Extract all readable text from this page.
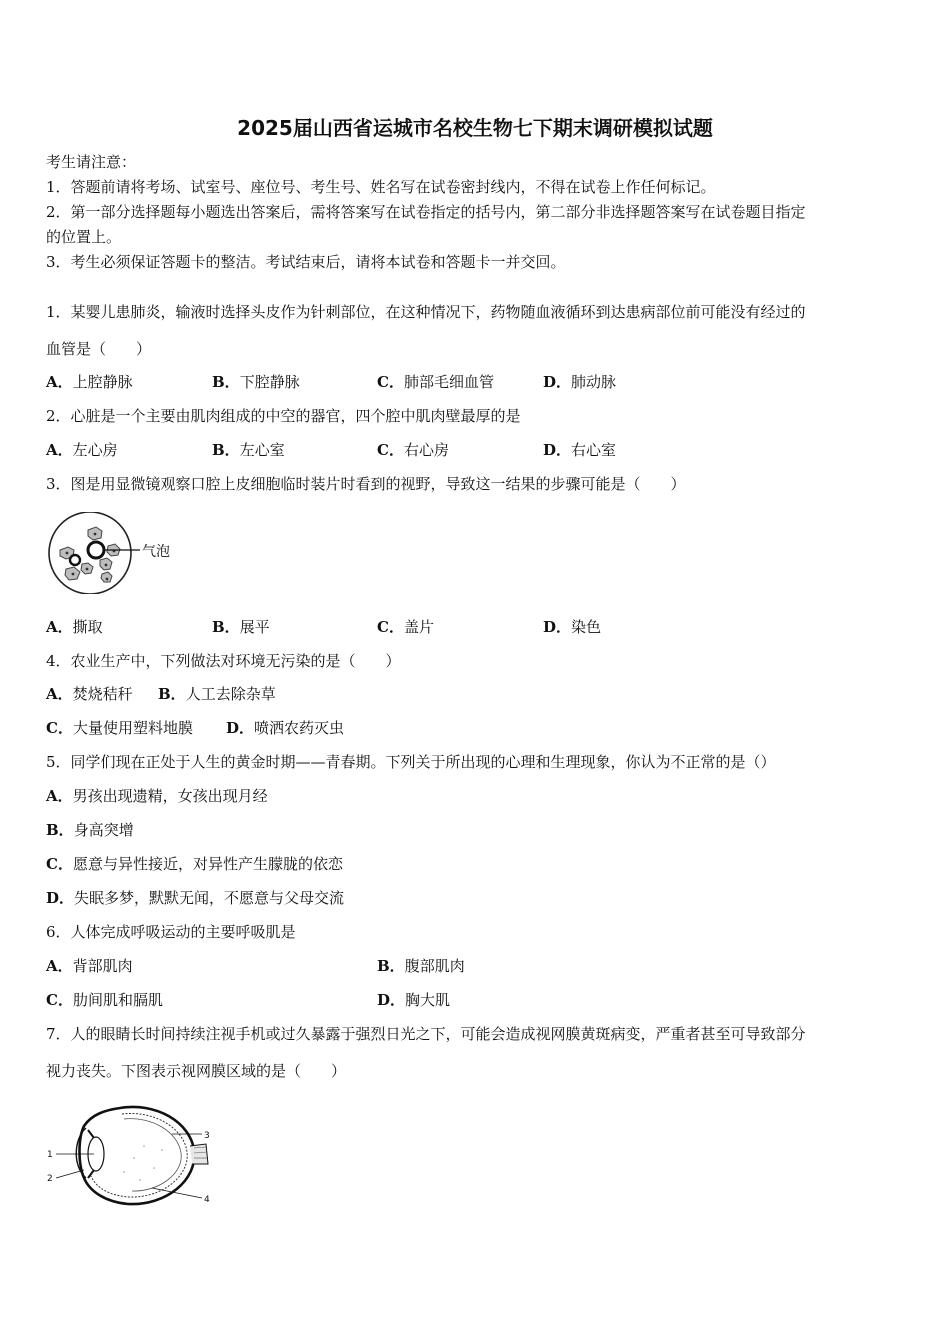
2025届山西省运城市名校生物七下期末调研模拟试题
考生请注意：
1．答题前请将考场、试室号、座位号、考生号、姓名写在试卷密封线内，不得在试卷上作任何标记。
2．第一部分选择题每小题选出答案后，需将答案写在试卷指定的括号内，第二部分非选择题答案写在试卷题目指定
的位置上。
3．考生必须保证答题卡的整洁。考试结束后，请将本试卷和答题卡一并交回。
1．某婴儿患肺炎，输液时选择头皮作为针刺部位，在这种情况下，药物随血液循环到达患病部位前可能没有经过的
血管是（　　）
A．上腔静脉	B．下腔静脉	C．肺部毛细血管	D．肺动脉
2．心脏是一个主要由肌肉组成的中空的器官，四个腔中肌肉壁最厚的是
A．左心房	B．左心室	C．右心房	D．右心室
3．图是用显微镜观察口腔上皮细胞临时装片时看到的视野，导致这一结果的步骤可能是（　　）
气泡
A．撕取	B．展平	C．盖片	D．染色
4．农业生产中，下列做法对环境无污染的是（　　）
A．焚烧秸秆 B．人工去除杂草
C．大量使用塑料地膜 D．喷洒农药灭虫
5．同学们现在正处于人生的黄金时期——青春期。下列关于所出现的心理和生理现象，你认为不正常的是（）
A．男孩出现遗精，女孩出现月经
B．身高突增
C．愿意与异性接近，对异性产生朦胧的依恋
D．失眠多梦，默默无闻，不愿意与父母交流
6．人体完成呼吸运动的主要呼吸肌是
A．背部肌肉	B．腹部肌肉
C．肋间肌和膈肌	D．胸大肌
7．人的眼睛长时间持续注视手机或过久暴露于强烈日光之下，可能会造成视网膜黄斑病变，严重者甚至可导致部分
视力丧失。下图表示视网膜区域的是（　　）
1
2
3
4
